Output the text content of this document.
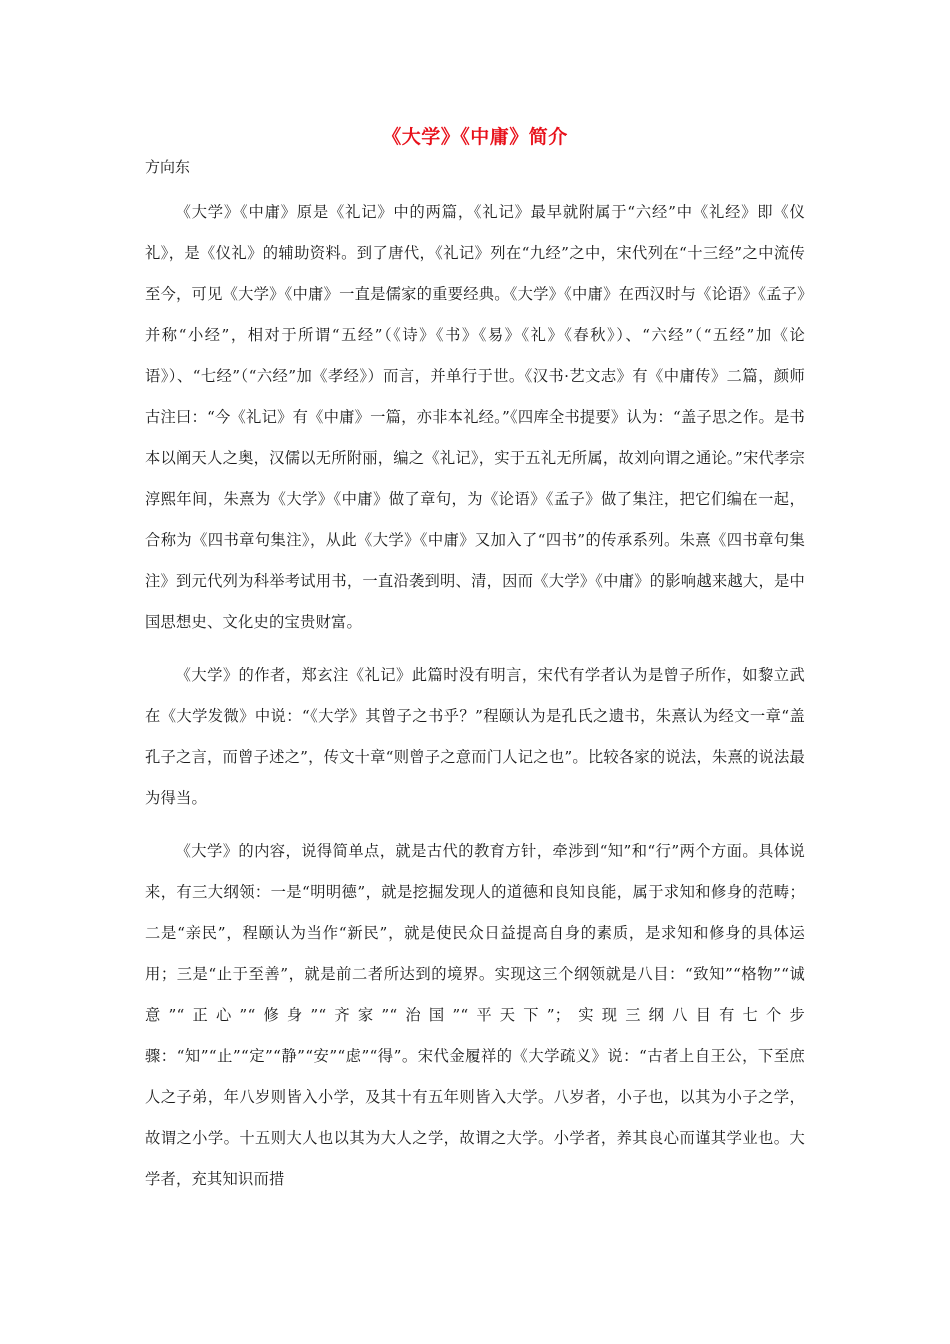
《大学》《中庸》简介
方向东

《大学》《中庸》原是《礼记》中的两篇，《礼记》最早就附属于“六经”中《礼经》即《仪礼》，是《仪礼》的辅助资料。到了唐代，《礼记》列在“九经”之中，宋代列在“十三经”之中流传至今，可见《大学》《中庸》一直是儒家的重要经典。《大学》《中庸》在西汉时与《论语》《孟子》并称“小经”，相对于所谓“五经”（《诗》《书》《易》《礼》《春秋》）、“六经”（“五经”加《论语》）、“七经”（“六经”加《孝经》）而言，并单行于世。《汉书·艺文志》有《中庸传》二篇，颜师古注曰：“今《礼记》有《中庸》一篇，亦非本礼经。”《四库全书提要》认为：“盖子思之作。是书本以阐天人之奥，汉儒以无所附丽，编之《礼记》，实于五礼无所属，故刘向谓之通论。”宋代孝宗淳熙年间，朱熹为《大学》《中庸》做了章句，为《论语》《孟子》做了集注，把它们编在一起，合称为《四书章句集注》，从此《大学》《中庸》又加入了“四书”的传承系列。朱熹《四书章句集注》到元代列为科举考试用书，一直沿袭到明、清，因而《大学》《中庸》的影响越来越大，是中国思想史、文化史的宝贵财富。

《大学》的作者，郑玄注《礼记》此篇时没有明言，宋代有学者认为是曾子所作，如黎立武在《大学发微》中说：“《大学》其曾子之书乎？”程颐认为是孔氏之遗书，朱熹认为经文一章“盖孔子之言，而曾子述之”，传文十章“则曾子之意而门人记之也”。比较各家的说法，朱熹的说法最为得当。

《大学》的内容，说得简单点，就是古代的教育方针，牵涉到“知”和“行”两个方面。具体说来，有三大纲领：一是“明明德”，就是挖掘发现人的道德和良知良能，属于求知和修身的范畴；二是“亲民”，程颐认为当作“新民”，就是使民众日益提高自身的素质，是求知和修身的具体运用；三是“止于至善”，就是前二者所达到的境界。实现这三个纲领就是八目：“致知”“格物”“诚意”“正心”“修身”“齐家”“治国”“平天下”；实现三纲八目有七个步骤：“知”“止”“定”“静”“安”“虑”“得”。宋代金履祥的《大学疏义》说：“古者上自王公，下至庶人之子弟，年八岁则皆入小学，及其十有五年则皆入大学。八岁者，小子也，以其为小子之学，故谓之小学。十五则大人也以其为大人之学，故谓之大学。小学者，养其良心而谨其学业也。大学者，充其知识而措
